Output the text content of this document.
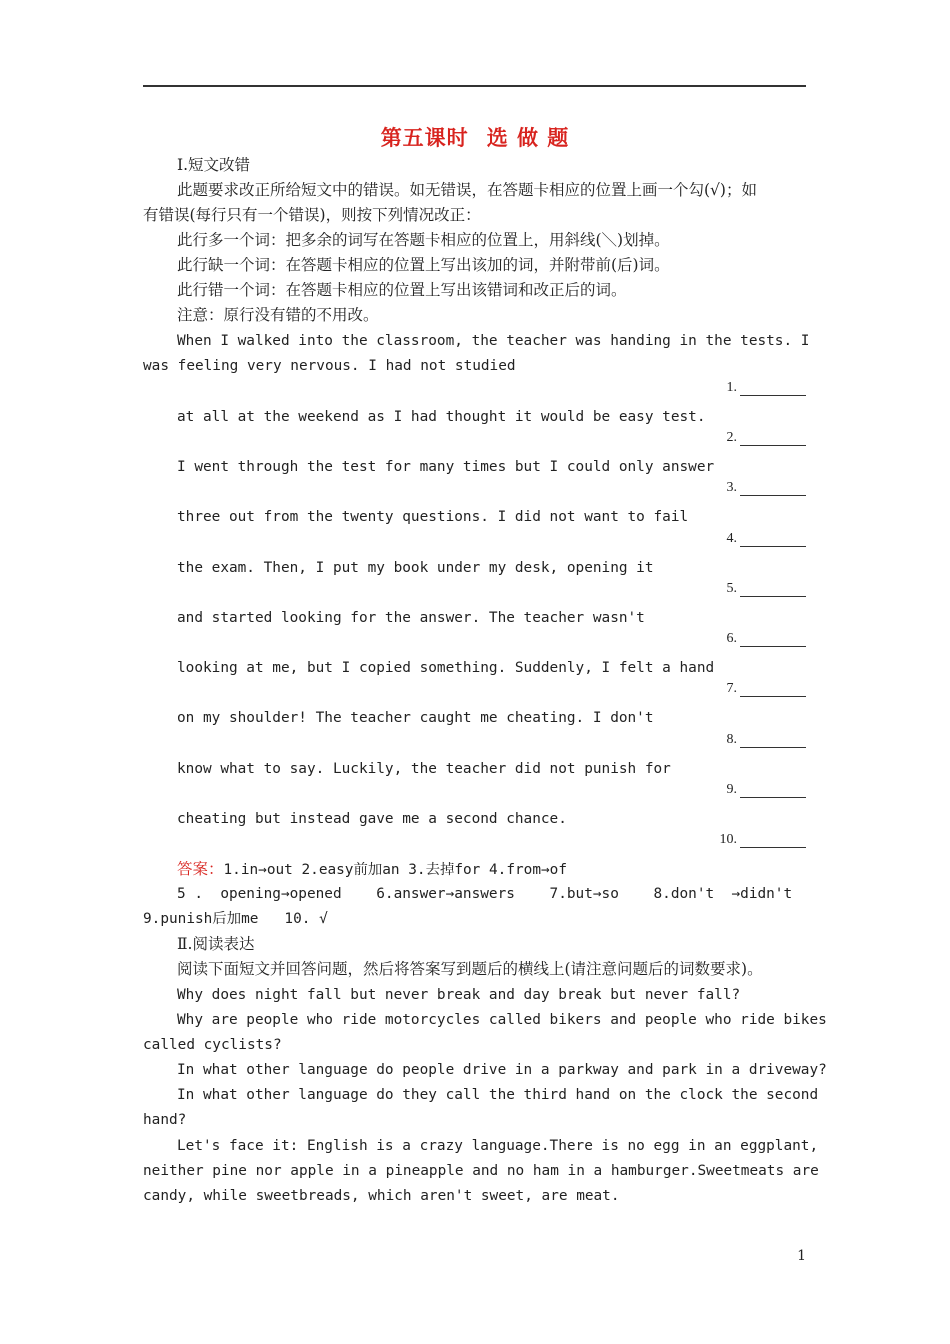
第五课时 选 做 题
Ⅰ.短文改错
此题要求改正所给短文中的错误。如无错误，在答题卡相应的位置上画一个勾(√)；如
有错误(每行只有一个错误)，则按下列情况改正：
此行多一个词：把多余的词写在答题卡相应的位置上，用斜线(＼)划掉。
此行缺一个词：在答题卡相应的位置上写出该加的词，并附带前(后)词。
此行错一个词：在答题卡相应的位置上写出该错词和改正后的词。
注意：原行没有错的不用改。
When I walked into the classroom, the teacher was handing in the tests. I
was feeling very nervous. I had not studied
1.
at all at the weekend as I had thought it would be easy test.
2.
I went through the test for many times but I could only answer
3.
three out from the twenty questions. I did not want to fail
4.
the exam. Then, I put my book under my desk, opening it
5.
and started looking for the answer. The teacher wasn't
6.
looking at me, but I copied something. Suddenly, I felt a hand
7.
on my shoulder! The teacher caught me cheating. I don't
8.
know what to say. Luckily, the teacher did not punish for
9.
cheating but instead gave me a second chance.
10.
答案：1.in→out 2.easy前加an 3.去掉for 4.from→of
5 .  opening→opened    6.answer→answers    7.but→so    8.don't  →didn't
9.punish后加me   10. √
Ⅱ.阅读表达
阅读下面短文并回答问题，然后将答案写到题后的横线上(请注意问题后的词数要求)。
Why does night fall but never break and day break but never fall?
Why are people who ride motorcycles called bikers and people who ride bikes
called cyclists?
In what other language do people drive in a parkway and park in a driveway?
In what other language do they call the third hand on the clock the second
hand?
Let's face it: English is a crazy language.There is no egg in an eggplant,
neither pine nor apple in a pineapple and no ham in a hamburger.Sweetmeats are
candy, while sweetbreads, which aren't sweet, are meat.
1
